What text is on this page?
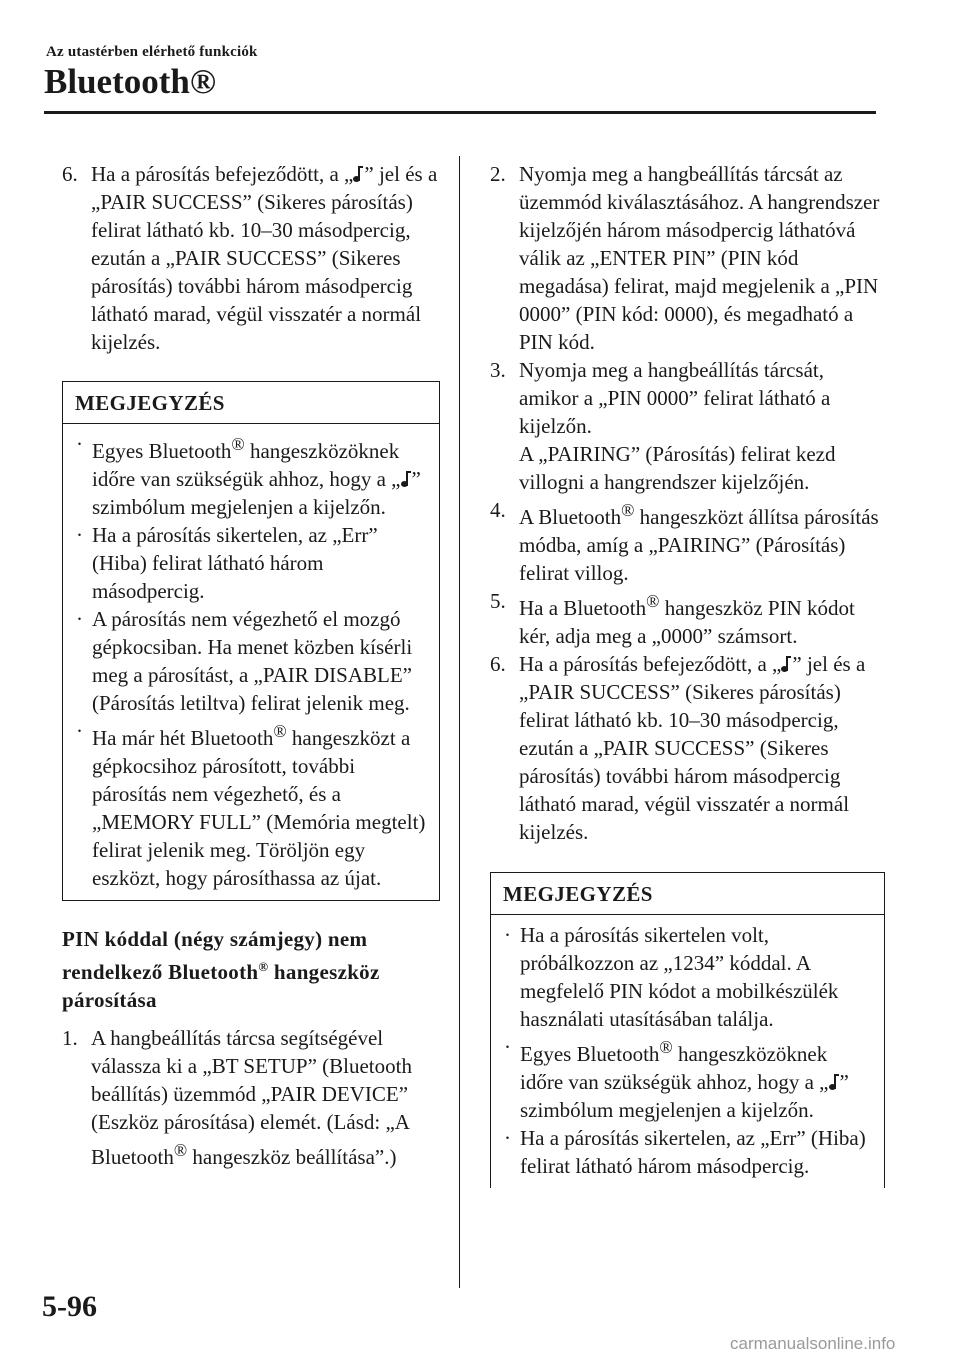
Az utastérben elérhető funkciók
Bluetooth®
6. Ha a párosítás befejeződött, a „ ” jel és a „PAIR SUCCESS” (Sikeres párosítás) felirat látható kb. 10–30 másodpercig, ezután a „PAIR SUCCESS” (Sikeres párosítás) további három másodpercig látható marad, végül visszatér a normál kijelzés.
MEGJEGYZÉS
· Egyes Bluetooth® hangeszközöknek időre van szükségük ahhoz, hogy a „ ” szimbólum megjelenjen a kijelzőn.
· Ha a párosítás sikertelen, az „Err” (Hiba) felirat látható három másodpercig.
· A párosítás nem végezhető el mozgó gépkocsiban. Ha menet közben kísérli meg a párosítást, a „PAIR DISABLE” (Párosítás letiltva) felirat jelenik meg.
· Ha már hét Bluetooth® hangeszközt a gépkocsihoz párosított, további párosítás nem végezhető, és a „MEMORY FULL” (Memória megtelt) felirat jelenik meg. Töröljön egy eszközt, hogy párosíthassa az újat.
PIN kóddal (négy számjegy) nem rendelkező Bluetooth® hangeszköz párosítása
1. A hangbeállítás tárcsa segítségével válassza ki a „BT SETUP” (Bluetooth beállítás) üzemmód „PAIR DEVICE” (Eszköz párosítása) elemét. (Lásd: „A Bluetooth® hangeszköz beállítása”.)
2. Nyomja meg a hangbeállítás tárcsát az üzemmód kiválasztásához. A hangrendszer kijelzőjén három másodpercig láthatóvá válik az „ENTER PIN” (PIN kód megadása) felirat, majd megjelenik a „PIN 0000” (PIN kód: 0000), és megadható a PIN kód.
3. Nyomja meg a hangbeállítás tárcsát, amikor a „PIN 0000” felirat látható a kijelzőn.
A „PAIRING” (Párosítás) felirat kezd villogni a hangrendszer kijelzőjén.
4. A Bluetooth® hangeszközt állítsa párosítás módba, amíg a „PAIRING” (Párosítás) felirat villog.
5. Ha a Bluetooth® hangeszköz PIN kódot kér, adja meg a „0000” számsort.
6. Ha a párosítás befejeződött, a „ ” jel és a „PAIR SUCCESS” (Sikeres párosítás) felirat látható kb. 10–30 másodpercig, ezután a „PAIR SUCCESS” (Sikeres párosítás) további három másodpercig látható marad, végül visszatér a normál kijelzés.
MEGJEGYZÉS
· Ha a párosítás sikertelen volt, próbálkozzon az „1234” kóddal. A megfelelő PIN kódot a mobilkészülék használati utasításában találja.
· Egyes Bluetooth® hangeszközöknek időre van szükségük ahhoz, hogy a „ ” szimbólum megjelenjen a kijelzőn.
· Ha a párosítás sikertelen, az „Err” (Hiba) felirat látható három másodpercig.
5-96
carmanualsonline.info
